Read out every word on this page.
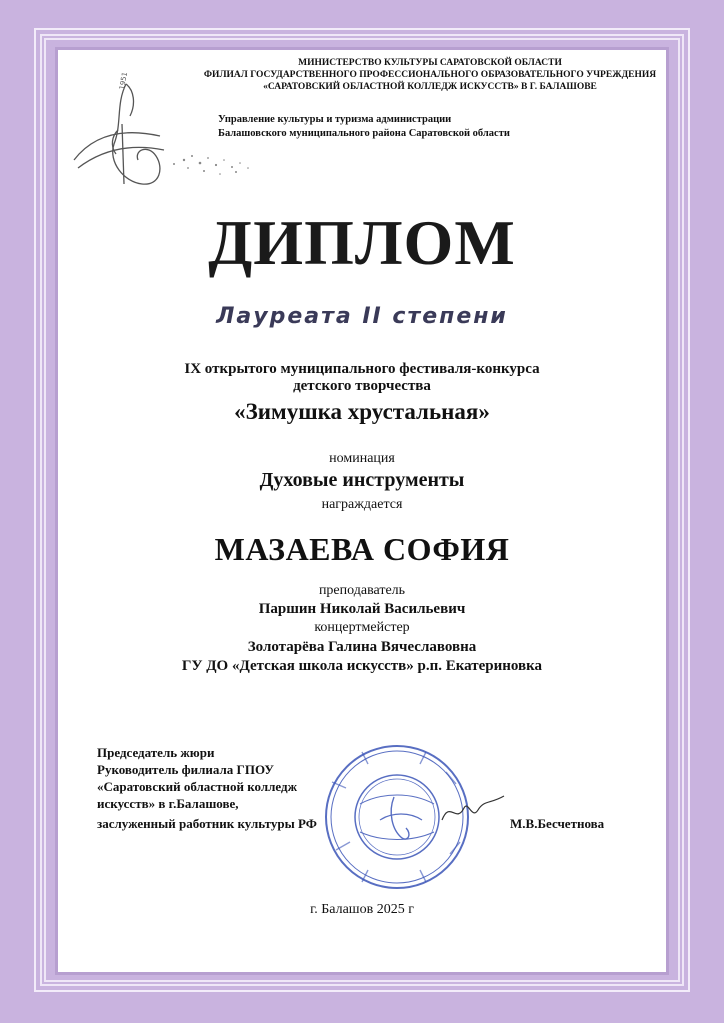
1951
МИНИСТЕРСТВО КУЛЬТУРЫ САРАТОВСКОЙ ОБЛАСТИ
ФИЛИАЛ ГОСУДАРСТВЕННОГО ПРОФЕССИОНАЛЬНОГО ОБРАЗОВАТЕЛЬНОГО УЧРЕЖДЕНИЯ
«САРАТОВСКИЙ ОБЛАСТНОЙ КОЛЛЕДЖ ИСКУССТВ» В Г. БАЛАШОВЕ
Управление культуры и туризма администрации
Балашовского муниципального района Саратовской области
ДИПЛОМ
Лауреата II степени
IX открытого муниципального фестиваля-конкурса
детского творчества
«Зимушка хрустальная»
номинация
Духовые инструменты
награждается
МАЗАЕВА СОФИЯ
преподаватель
Паршин Николай Васильевич
концертмейстер
Золотарёва Галина Вячеславовна
ГУ ДО «Детская школа искусств» р.п. Екатериновка
Председатель жюри
Руководитель филиала ГПОУ
«Саратовский областной колледж
искусств» в г.Балашове,
заслуженный работник культуры РФ	М.В.Бесчетнова
г. Балашов 2025 г
